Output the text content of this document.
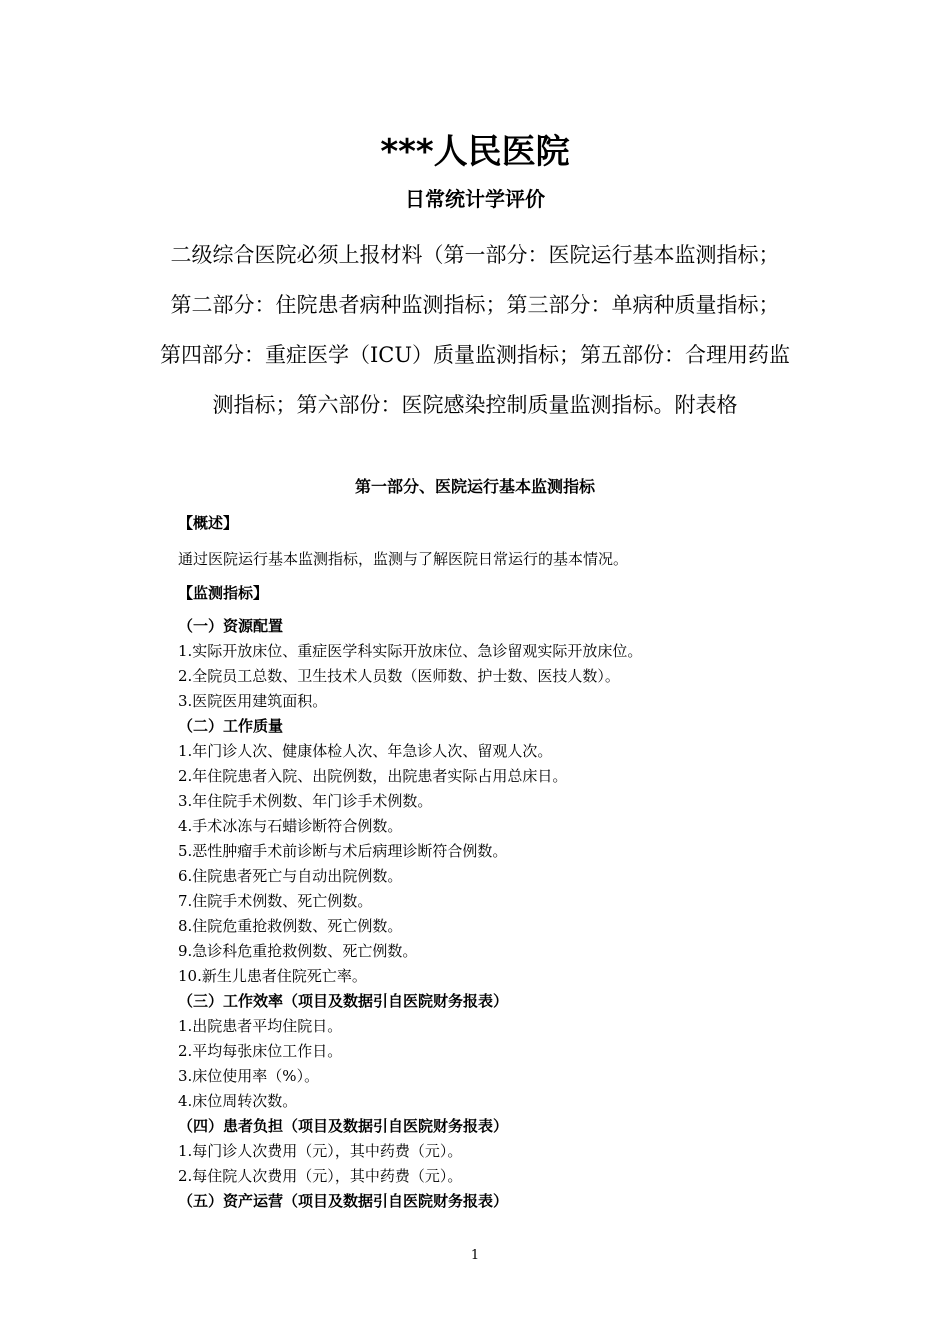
***人民医院
日常统计学评价
二级综合医院必须上报材料（第一部分：医院运行基本监测指标；
第二部分：住院患者病种监测指标；第三部分：单病种质量指标；
第四部分：重症医学（ICU）质量监测指标；第五部份：合理用药监
测指标；第六部份：医院感染控制质量监测指标。附表格
第一部分、医院运行基本监测指标
【概述】
通过医院运行基本监测指标，监测与了解医院日常运行的基本情况。
【监测指标】
（一）资源配置
1.实际开放床位、重症医学科实际开放床位、急诊留观实际开放床位。
2.全院员工总数、卫生技术人员数（医师数、护士数、医技人数）。
3.医院医用建筑面积。
（二）工作质量
1.年门诊人次、健康体检人次、年急诊人次、留观人次。
2.年住院患者入院、出院例数，出院患者实际占用总床日。
3.年住院手术例数、年门诊手术例数。
4.手术冰冻与石蜡诊断符合例数。
5.恶性肿瘤手术前诊断与术后病理诊断符合例数。
6.住院患者死亡与自动出院例数。
7.住院手术例数、死亡例数。
8.住院危重抢救例数、死亡例数。
9.急诊科危重抢救例数、死亡例数。
10.新生儿患者住院死亡率。
（三）工作效率（项目及数据引自医院财务报表）
1.出院患者平均住院日。
2.平均每张床位工作日。
3.床位使用率（%）。
4.床位周转次数。
（四）患者负担（项目及数据引自医院财务报表）
1.每门诊人次费用（元），其中药费（元）。
2.每住院人次费用（元），其中药费（元）。
（五）资产运营（项目及数据引自医院财务报表）
1
